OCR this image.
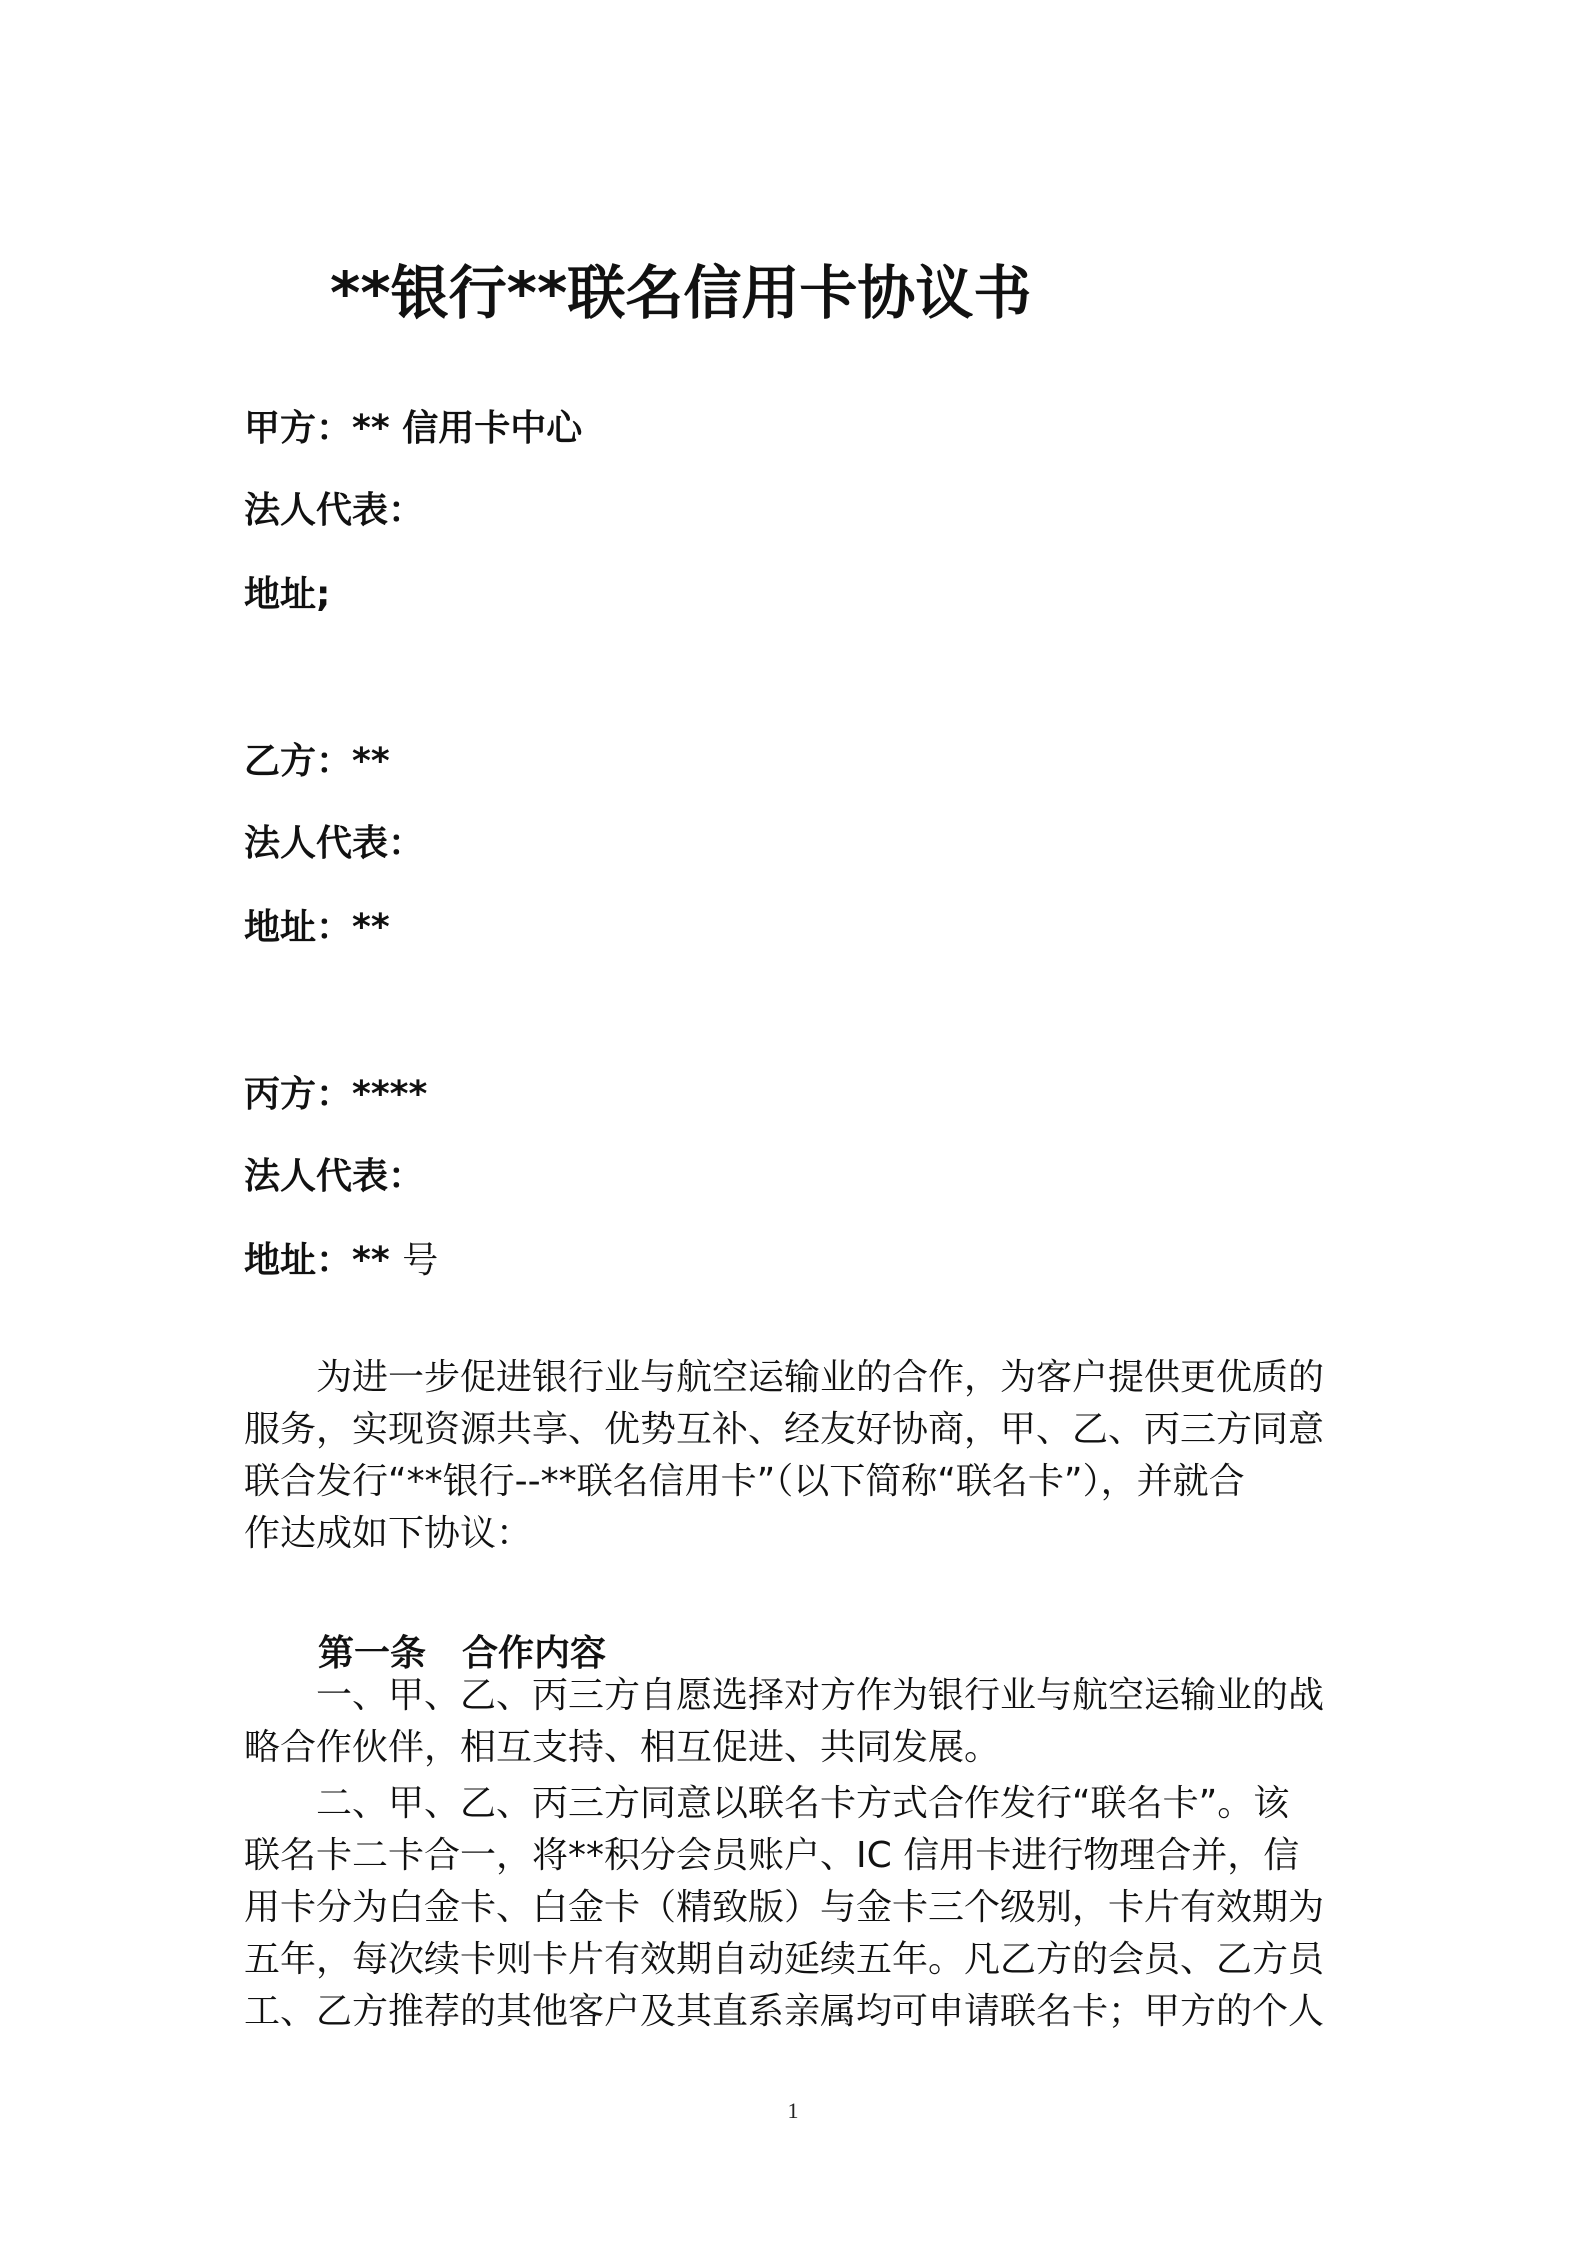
**银行**联名信用卡协议书
甲方：** 信用卡中心
法人代表：
地址;
乙方：**
法人代表：
地址：**
丙方：****
法人代表：
地址：** 号
　　为进一步促进银行业与航空运输业的合作，为客户提供更优质的
服务，实现资源共享、优势互补、经友好协商，甲、乙、丙三方同意
联合发行“**银行--**联名信用卡”（以下简称“联名卡”），并就合
作达成如下协议：
第一条 合作内容
　　一、甲、乙、丙三方自愿选择对方作为银行业与航空运输业的战
略合作伙伴，相互支持、相互促进、共同发展。
　　二、甲、乙、丙三方同意以联名卡方式合作发行“联名卡”。该
联名卡二卡合一，将**积分会员账户、IC 信用卡进行物理合并，信
用卡分为白金卡、白金卡（精致版）与金卡三个级别，卡片有效期为
五年，每次续卡则卡片有效期自动延续五年。凡乙方的会员、乙方员
工、乙方推荐的其他客户及其直系亲属均可申请联名卡；甲方的个人
1
